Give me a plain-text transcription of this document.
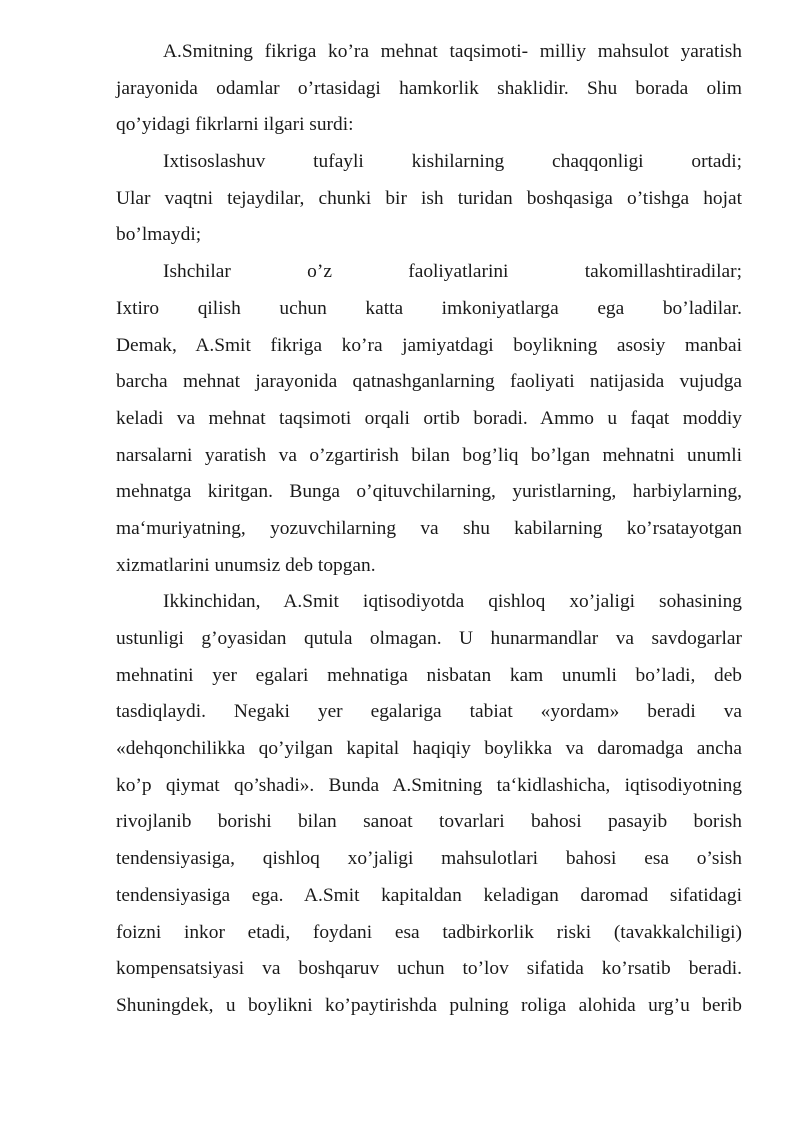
A.Smitning fikriga ko’ra mehnat taqsimoti- milliy mahsulot yaratish
jarayonida odamlar o’rtasidagi hamkorlik shaklidir. Shu borada olim
qo’yidagi fikrlarni ilgari surdi:
Ixtisoslashuv tufayli kishilarning chaqqonligi ortadi;
Ular vaqtni tejaydilar, chunki bir ish turidan boshqasiga o’tishga hojat
bo’lmaydi;
Ishchilar o’z faoliyatlarini takomillashtiradilar;
Ixtiro qilish uchun katta imkoniyatlarga ega bo’ladilar.
Demak, A.Smit fikriga ko’ra jamiyatdagi boylikning asosiy manbai
barcha mehnat jarayonida qatnashganlarning faoliyati natijasida vujudga
keladi va mehnat taqsimoti orqali ortib boradi. Ammo u faqat moddiy
narsalarni yaratish va o’zgartirish bilan bog’liq bo’lgan mehnatni unumli
mehnatga kiritgan. Bunga o’qituvchilarning, yuristlarning, harbiylarning,
ma‘muriyatning, yozuvchilarning va shu kabilarning ko’rsatayotgan
xizmatlarini unumsiz deb topgan.
Ikkinchidan, A.Smit iqtisodiyotda qishloq xo’jaligi sohasining
ustunligi g’oyasidan qutula olmagan. U hunarmandlar va savdogarlar
mehnatini yer egalari mehnatiga nisbatan kam unumli bo’ladi, deb
tasdiqlaydi. Negaki yer egalariga tabiat «yordam» beradi va
«dehqonchilikka qo’yilgan kapital haqiqiy boylikka va daromadga ancha
ko’p qiymat qo’shadi». Bunda A.Smitning ta‘kidlashicha, iqtisodiyotning
rivojlanib borishi bilan sanoat tovarlari bahosi pasayib borish
tendensiyasiga, qishloq xo’jaligi mahsulotlari bahosi esa o’sish
tendensiyasiga ega. A.Smit kapitaldan keladigan daromad sifatidagi
foizni inkor etadi, foydani esa tadbirkorlik riski (tavakkalchiligi)
kompensatsiyasi va boshqaruv uchun to’lov sifatida ko’rsatib beradi.
Shuningdek, u boylikni ko’paytirishda pulning roliga alohida urg’u berib
